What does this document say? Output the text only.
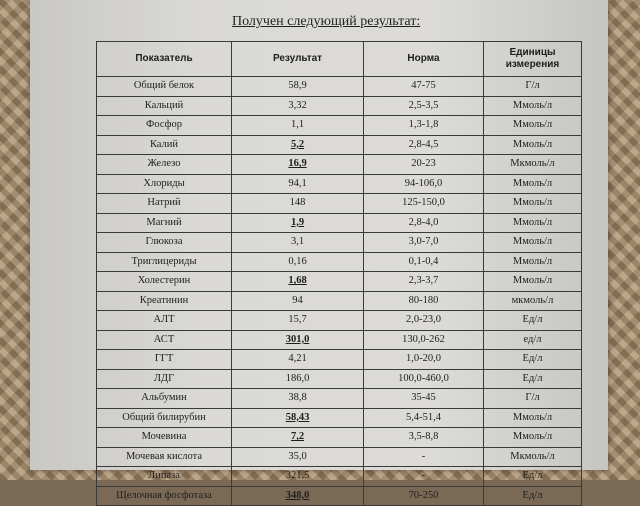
Получен следующий результат:
Показатель	Результат	Норма	Единицы измерения
Общий белок	58,9	47-75	Г/л
Кальций	3,32	2,5-3,5	Ммоль/л
Фосфор	1,1	1,3-1,8	Ммоль/л
Калий	5,2	2,8-4,5	Ммоль/л
Железо	16,9	20-23	Мкмоль/л
Хлориды	94,1	94-106,0	Ммоль/л
Натрий	148	125-150,0	Ммоль/л
Магний	1,9	2,8-4,0	Ммоль/л
Глюкоза	3,1	3,0-7,0	Ммоль/л
Триглицериды	0,16	0,1-0,4	Ммоль/л
Холестерин	1,68	2,3-3,7	Ммоль/л
Креатинин	94	80-180	мкмоль/л
АЛТ	15,7	2,0-23,0	Ед/л
АСТ	301,0	130,0-262	ед/л
ГГТ	4,21	1,0-20,0	Ед/л
ЛДГ	186,0	100,0-460,0	Ед/л
Альбумин	38,8	35-45	Г/л
Общий билирубин	58,43	5,4-51,4	Ммоль/л
Мочевина	7,2	3,5-8,8	Ммоль/л
Мочевая кислота	35,0	-	Мкмоль/л
Липаза	321,5	-	Ед/л
Щелочная фосфотаза	348,0	70-250	Ед/л
